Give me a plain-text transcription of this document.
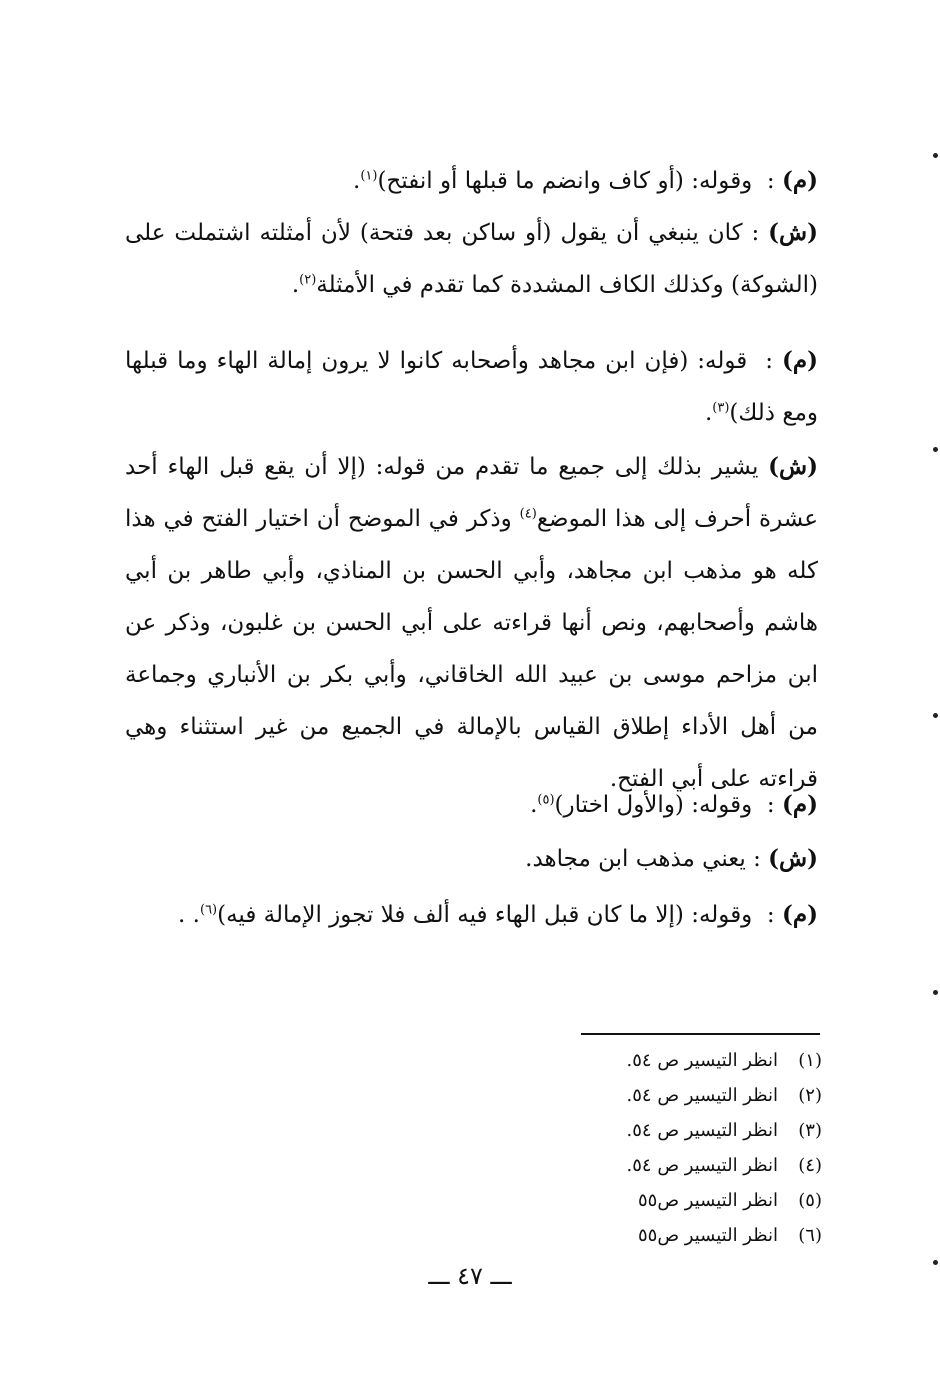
(م) :  وقوله: (أو كاف وانضم ما قبلها أو انفتح)$^{(١)}$.

(ش) : كان ينبغي أن يقول (أو ساكن بعد فتحة) لأن أمثلته اشتملت على (الشوكة) وكذلك الكاف المشددة كما تقدم في الأمثلة$^{(٢)}$.

(م) :  قوله: (فإن ابن مجاهد وأصحابه كانوا لا يرون إمالة الهاء وما قبلها ومع ذلك)$^{(٣)}$.

(ش) يشير بذلك إلى جميع ما تقدم من قوله: (إلا أن يقع قبل الهاء أحد عشرة أحرف إلى هذا الموضع$^{(٤)}$ وذكر في الموضح أن اختيار الفتح في هذا كله هو مذهب ابن مجاهد، وأبي الحسن بن المناذي، وأبي طاهر بن أبي هاشم وأصحابهم، ونص أنها قراءته على أبي الحسن بن غلبون، وذكر عن ابن مزاحم موسى بن عبيد الله الخاقاني، وأبي بكر بن الأنباري وجماعة من أهل الأداء إطلاق القياس بالإمالة في الجميع من غير استثناء وهي قراءته على أبي الفتح.

(م) :  وقوله: (والأول اختار)$^{(٥)}$.

(ش) : يعني مذهب ابن مجاهد.

(م) :  وقوله: (إلا ما كان قبل الهاء فيه ألف فلا تجوز الإمالة فيه)$^{(٦)}$. .

(١)انظر التيسير ص ٥٤.
(٢)انظر التيسير ص ٥٤.
(٣)انظر التيسير ص ٥٤.
(٤)انظر التيسير ص ٥٤.
(٥)انظر التيسير ص٥٥
(٦)انظر التيسير ص٥٥
ـــ ٤٧ ـــ
